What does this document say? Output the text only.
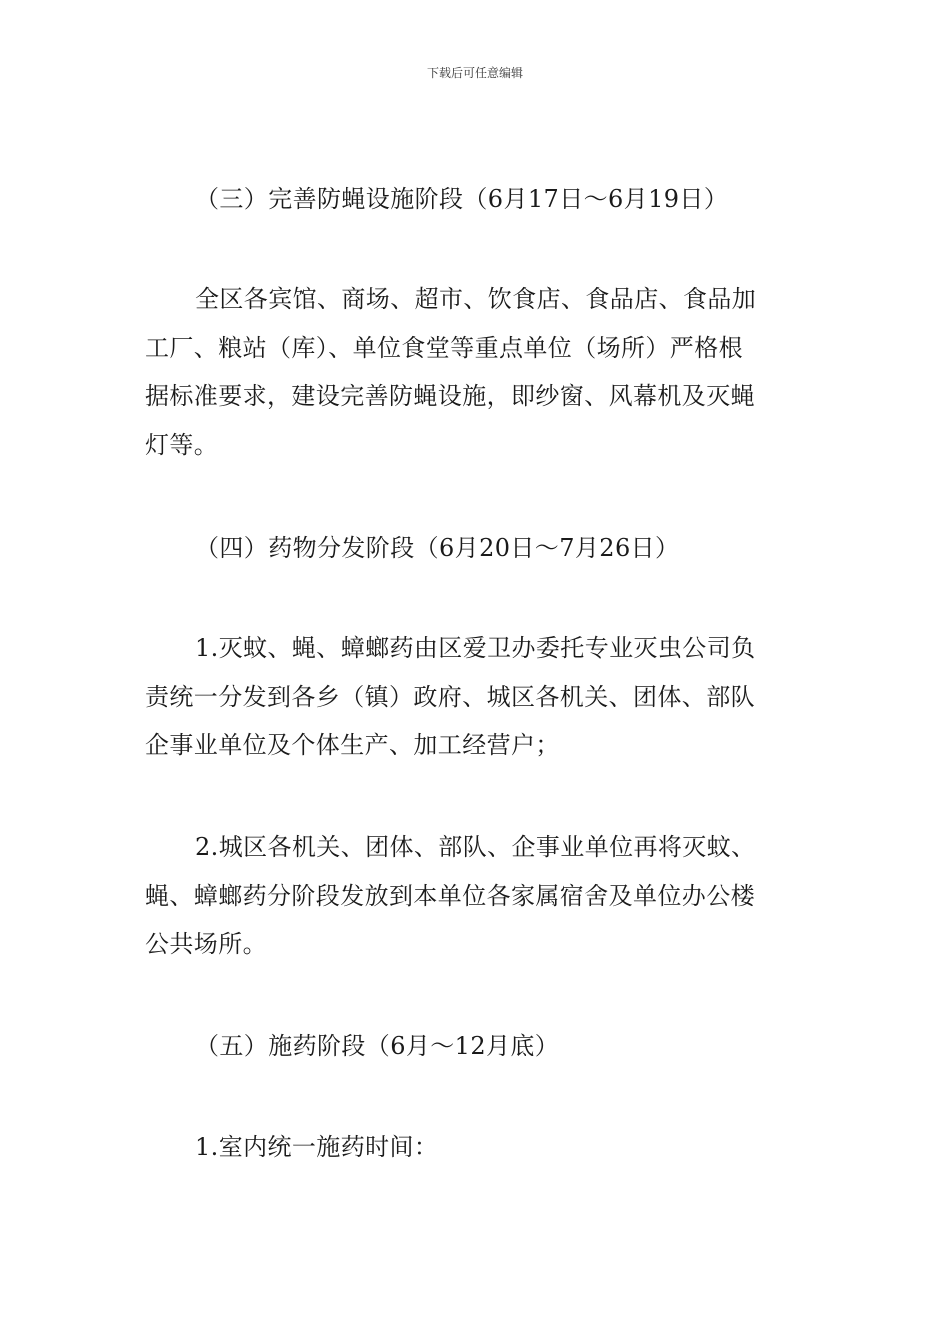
下载后可任意编辑
（三）完善防蝇设施阶段（6月17日～6月19日）
全区各宾馆、商场、超市、饮食店、食品店、食品加
工厂、粮站（库）、单位食堂等重点单位（场所）严格根
据标准要求，建设完善防蝇设施，即纱窗、风幕机及灭蝇
灯等。
（四）药物分发阶段（6月20日～7月26日）
1.灭蚊、蝇、蟑螂药由区爱卫办委托专业灭虫公司负
责统一分发到各乡（镇）政府、城区各机关、团体、部队
企事业单位及个体生产、加工经营户；
2.城区各机关、团体、部队、企事业单位再将灭蚊、
蝇、蟑螂药分阶段发放到本单位各家属宿舍及单位办公楼
公共场所。
（五）施药阶段（6月～12月底）
1.室内统一施药时间：
